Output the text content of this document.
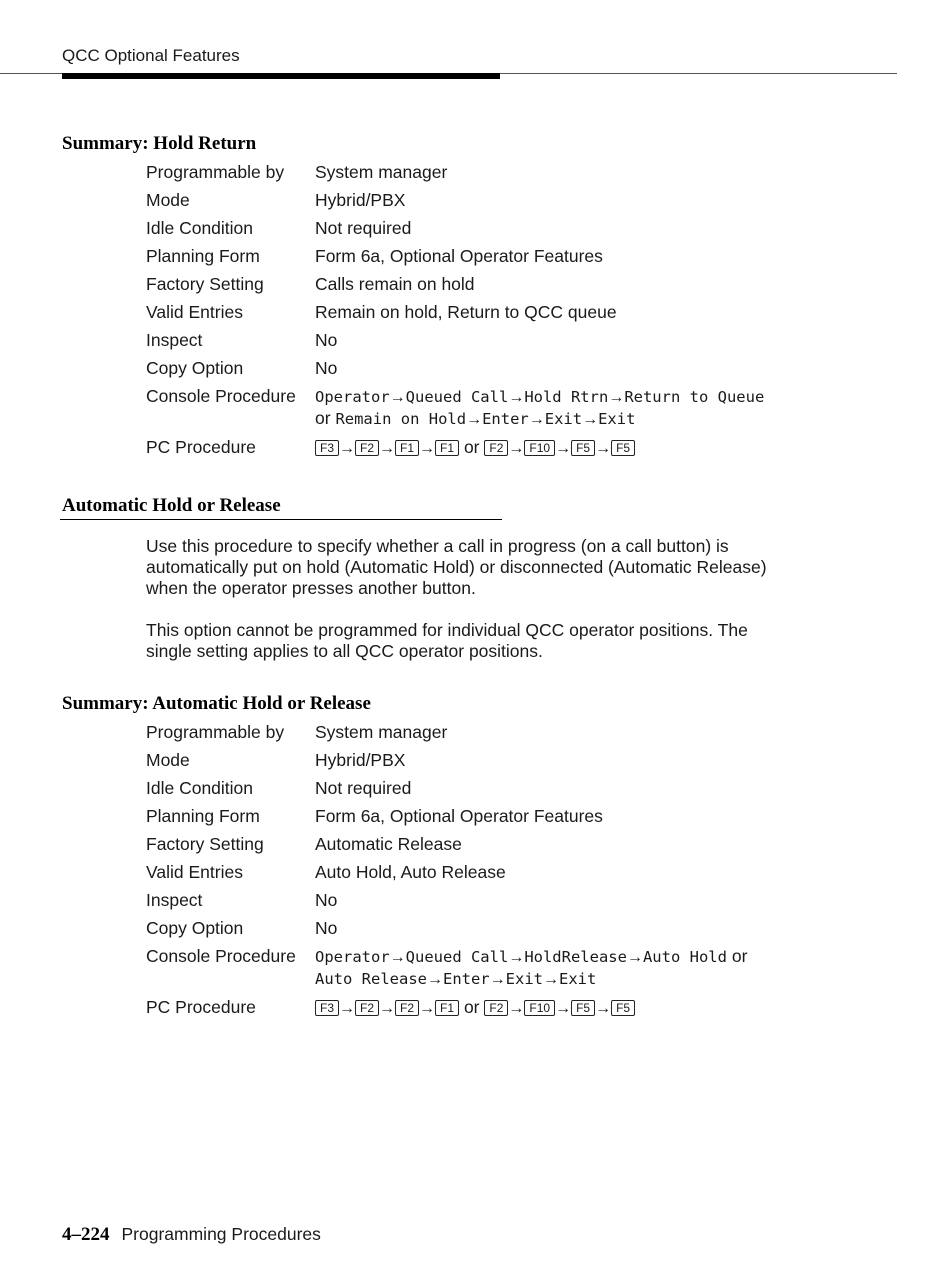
QCC Optional Features
Summary: Hold Return
Programmable by	System manager
Mode	Hybrid/PBX
Idle Condition	Not required
Planning Form	Form 6a, Optional Operator Features
Factory Setting	Calls remain on hold
Valid Entries	Remain on hold, Return to QCC queue
Inspect	No
Copy Option	No
Console Procedure	Operator→Queued Call→Hold Rtrn→Return to Queue
or Remain on Hold→Enter→Exit→Exit
PC Procedure	F3 → F2 → F1 → F1 or F2 → F10 → F5 → F5
Automatic Hold or Release

Use this procedure to specify whether a call in progress (on a call button) is automatically put on hold (Automatic Hold) or disconnected (Automatic Release) when the operator presses another button.

This option cannot be programmed for individual QCC operator positions. The single setting applies to all QCC operator positions.

Summary: Automatic Hold or Release
Programmable by	System manager
Mode	Hybrid/PBX
Idle Condition	Not required
Planning Form	Form 6a, Optional Operator Features
Factory Setting	Automatic Release
Valid Entries	Auto Hold, Auto Release
Inspect	No
Copy Option	No
Console Procedure	Operator→Queued Call→HoldRelease→Auto Hold or
Auto Release→Enter→Exit→Exit
PC Procedure	F3 → F2 → F2 → F1 or F2 → F10 → F5 → F5
4–224 Programming Procedures
